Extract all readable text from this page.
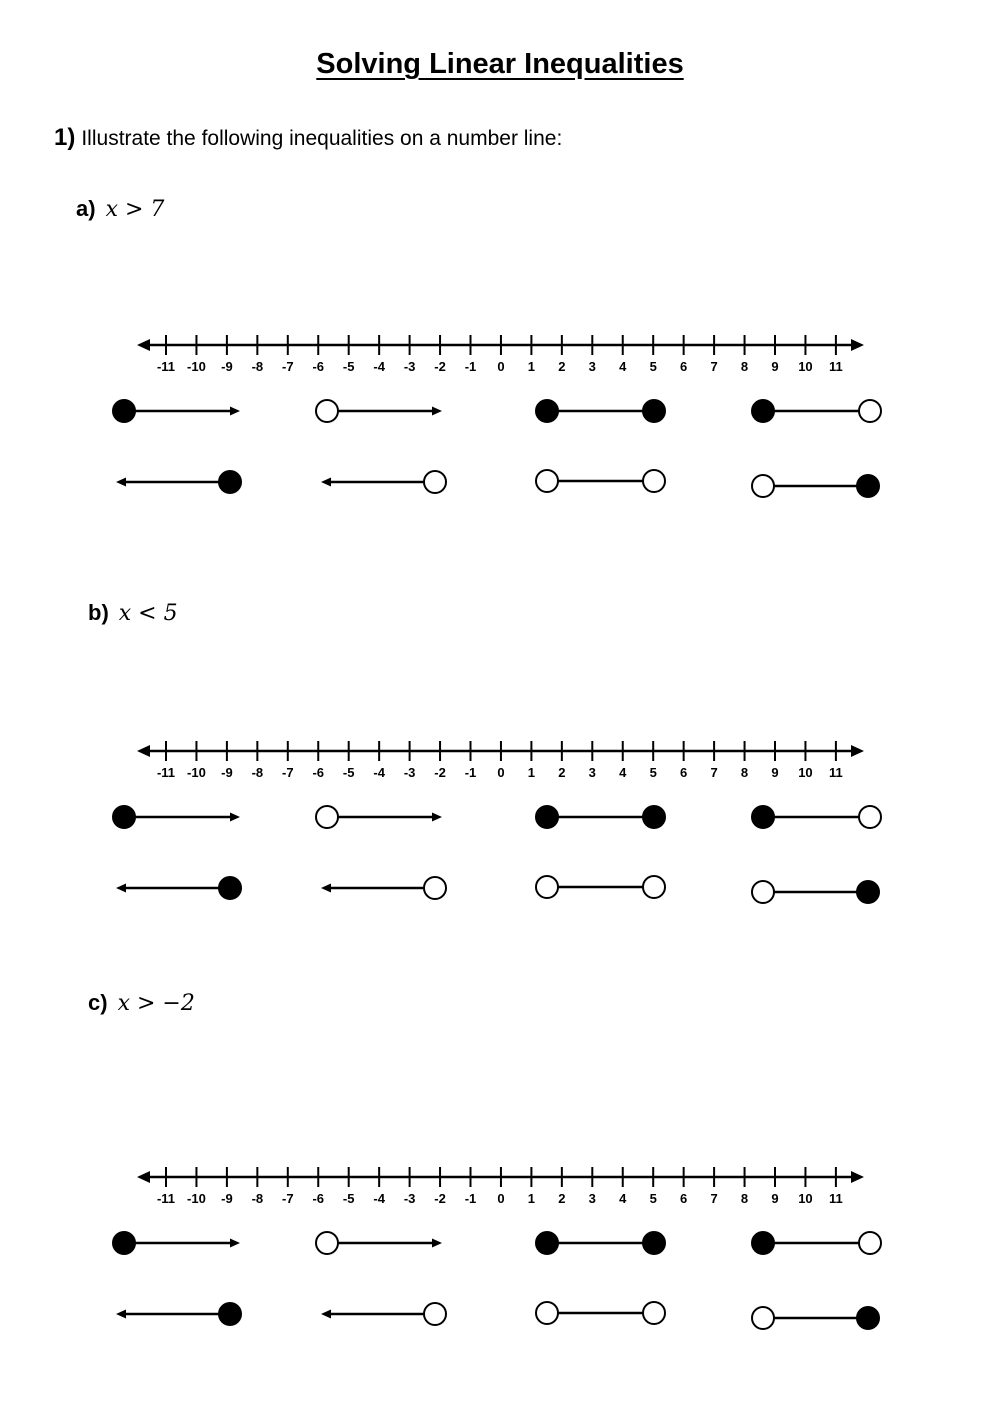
Solving Linear Inequalities
1) Illustrate the following inequalities on a number line:
a) x > 7
-11 -10 -9 -8 -7 -6 -5 -4 -3 -2 -1 0 1 2 3 4 5 6 7 8 9 10 11
b) x < 5
-11 -10 -9 -8 -7 -6 -5 -4 -3 -2 -1 0 1 2 3 4 5 6 7 8 9 10 11
c) x > −2
-11 -10 -9 -8 -7 -6 -5 -4 -3 -2 -1 0 1 2 3 4 5 6 7 8 9 10 11
